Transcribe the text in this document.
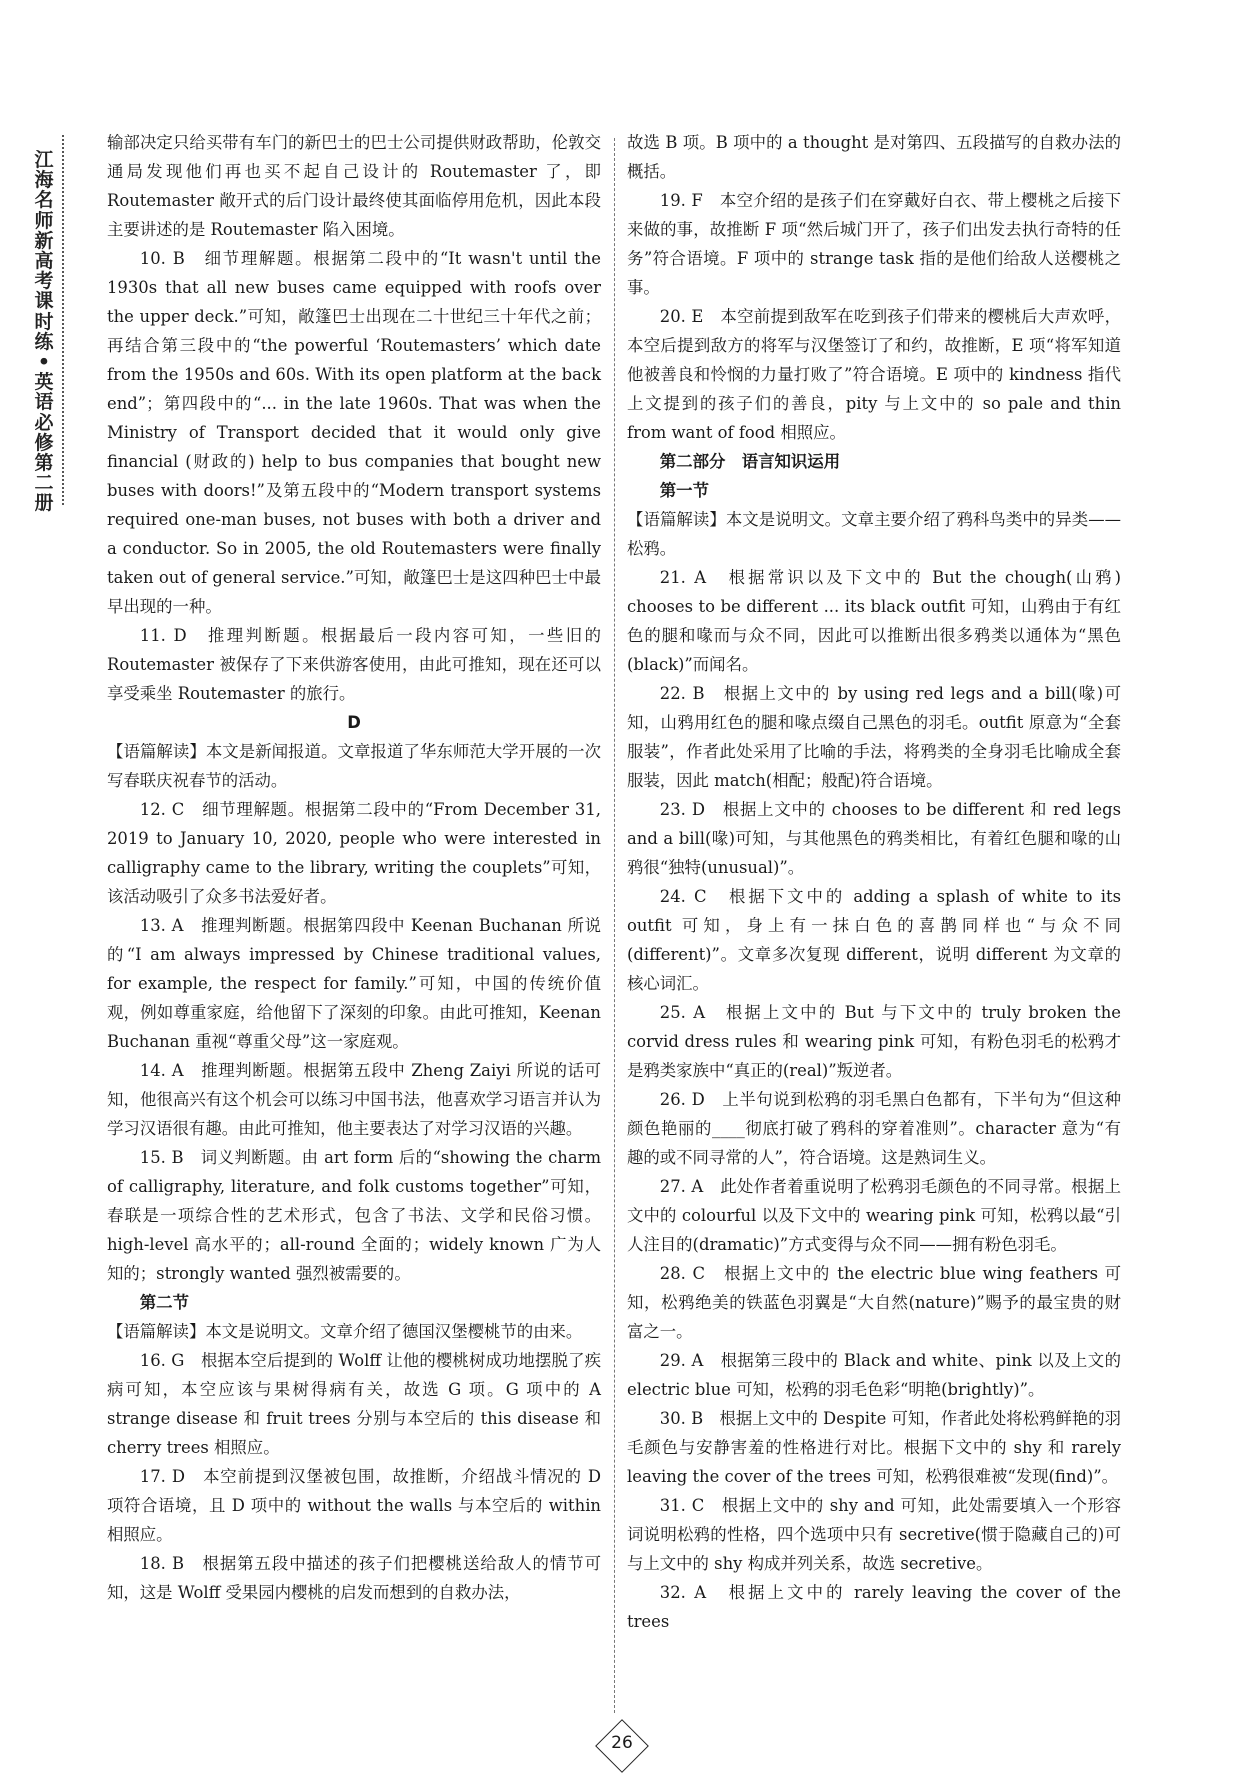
江
海
名
师
新
高
考
课
时
练
•
英
语
必
修
第
二
册

输部决定只给买带有车门的新巴士的巴士公司提供财政帮助，伦敦交通局发现他们再也买不起自己设计的 Routemaster 了，即 Routemaster 敞开式的后门设计最终使其面临停用危机，因此本段主要讲述的是 Routemaster 陷入困境。

10. B　细节理解题。根据第二段中的“It wasn't until the 1930s that all new buses came equipped with roofs over the upper deck.”可知，敞篷巴士出现在二十世纪三十年代之前；再结合第三段中的“the powerful ‘Routemasters’ which date from the 1950s and 60s. With its open platform at the back end”；第四段中的“... in the late 1960s. That was when the Ministry of Transport decided that it would only give financial (财政的) help to bus companies that bought new buses with doors!”及第五段中的“Modern transport systems required one-man buses, not buses with both a driver and a conductor. So in 2005, the old Routemasters were finally taken out of general service.”可知，敞篷巴士是这四种巴士中最早出现的一种。

11. D　推理判断题。根据最后一段内容可知，一些旧的 Routemaster 被保存了下来供游客使用，由此可推知，现在还可以享受乘坐 Routemaster 的旅行。

D

【语篇解读】本文是新闻报道。文章报道了华东师范大学开展的一次写春联庆祝春节的活动。

12. C　细节理解题。根据第二段中的“From December 31, 2019 to January 10, 2020, people who were interested in calligraphy came to the library, writing the couplets”可知，该活动吸引了众多书法爱好者。

13. A　推理判断题。根据第四段中 Keenan Buchanan 所说的“I am always impressed by Chinese traditional values, for example, the respect for family.”可知，中国的传统价值观，例如尊重家庭，给他留下了深刻的印象。由此可推知，Keenan Buchanan 重视“尊重父母”这一家庭观。

14. A　推理判断题。根据第五段中 Zheng Zaiyi 所说的话可知，他很高兴有这个机会可以练习中国书法，他喜欢学习语言并认为学习汉语很有趣。由此可推知，他主要表达了对学习汉语的兴趣。

15. B　词义判断题。由 art form 后的“showing the charm of calligraphy, literature, and folk customs together”可知，春联是一项综合性的艺术形式，包含了书法、文学和民俗习惯。high-level 高水平的；all-round 全面的；widely known 广为人知的；strongly wanted 强烈被需要的。

第二节

【语篇解读】本文是说明文。文章介绍了德国汉堡樱桃节的由来。

16. G　根据本空后提到的 Wolff 让他的樱桃树成功地摆脱了疾病可知，本空应该与果树得病有关，故选 G 项。G 项中的 A strange disease 和 fruit trees 分别与本空后的 this disease 和 cherry trees 相照应。

17. D　本空前提到汉堡被包围，故推断，介绍战斗情况的 D 项符合语境，且 D 项中的 without the walls 与本空后的 within 相照应。

18. B　根据第五段中描述的孩子们把樱桃送给敌人的情节可知，这是 Wolff 受果园内樱桃的启发而想到的自救办法，

故选 B 项。B 项中的 a thought 是对第四、五段描写的自救办法的概括。

19. F　本空介绍的是孩子们在穿戴好白衣、带上樱桃之后接下来做的事，故推断 F 项“然后城门开了，孩子们出发去执行奇特的任务”符合语境。F 项中的 strange task 指的是他们给敌人送樱桃之事。

20. E　本空前提到敌军在吃到孩子们带来的樱桃后大声欢呼，本空后提到敌方的将军与汉堡签订了和约，故推断，E 项“将军知道他被善良和怜悯的力量打败了”符合语境。E 项中的 kindness 指代上文提到的孩子们的善良，pity 与上文中的 so pale and thin from want of food 相照应。

第二部分　语言知识运用

第一节

【语篇解读】本文是说明文。文章主要介绍了鸦科鸟类中的异类——松鸦。

21. A　根据常识以及下文中的 But the chough(山鸦) chooses to be different ... its black outfit 可知，山鸦由于有红色的腿和喙而与众不同，因此可以推断出很多鸦类以通体为“黑色(black)”而闻名。

22. B　根据上文中的 by using red legs and a bill(喙)可知，山鸦用红色的腿和喙点缀自己黑色的羽毛。outfit 原意为“全套服装”，作者此处采用了比喻的手法，将鸦类的全身羽毛比喻成全套服装，因此 match(相配；般配)符合语境。

23. D　根据上文中的 chooses to be different 和 red legs and a bill(喙)可知，与其他黑色的鸦类相比，有着红色腿和喙的山鸦很“独特(unusual)”。

24. C　根据下文中的 adding a splash of white to its outfit 可知，身上有一抹白色的喜鹊同样也“与众不同(different)”。文章多次复现 different，说明 different 为文章的核心词汇。

25. A　根据上文中的 But 与下文中的 truly broken the corvid dress rules 和 wearing pink 可知，有粉色羽毛的松鸦才是鸦类家族中“真正的(real)”叛逆者。

26. D　上半句说到松鸦的羽毛黑白色都有，下半句为“但这种颜色艳丽的____彻底打破了鸦科的穿着准则”。character 意为“有趣的或不同寻常的人”，符合语境。这是熟词生义。

27. A　此处作者着重说明了松鸦羽毛颜色的不同寻常。根据上文中的 colourful 以及下文中的 wearing pink 可知，松鸦以最“引人注目的(dramatic)”方式变得与众不同——拥有粉色羽毛。

28. C　根据上文中的 the electric blue wing feathers 可知，松鸦绝美的铁蓝色羽翼是“大自然(nature)”赐予的最宝贵的财富之一。

29. A　根据第三段中的 Black and white、pink 以及上文的 electric blue 可知，松鸦的羽毛色彩“明艳(brightly)”。

30. B　根据上文中的 Despite 可知，作者此处将松鸦鲜艳的羽毛颜色与安静害羞的性格进行对比。根据下文中的 shy 和 rarely leaving the cover of the trees 可知，松鸦很难被“发现(find)”。

31. C　根据上文中的 shy and 可知，此处需要填入一个形容词说明松鸦的性格，四个选项中只有 secretive(惯于隐藏自己的)可与上文中的 shy 构成并列关系，故选 secretive。

32. A　根据上文中的 rarely leaving the cover of the trees

26
